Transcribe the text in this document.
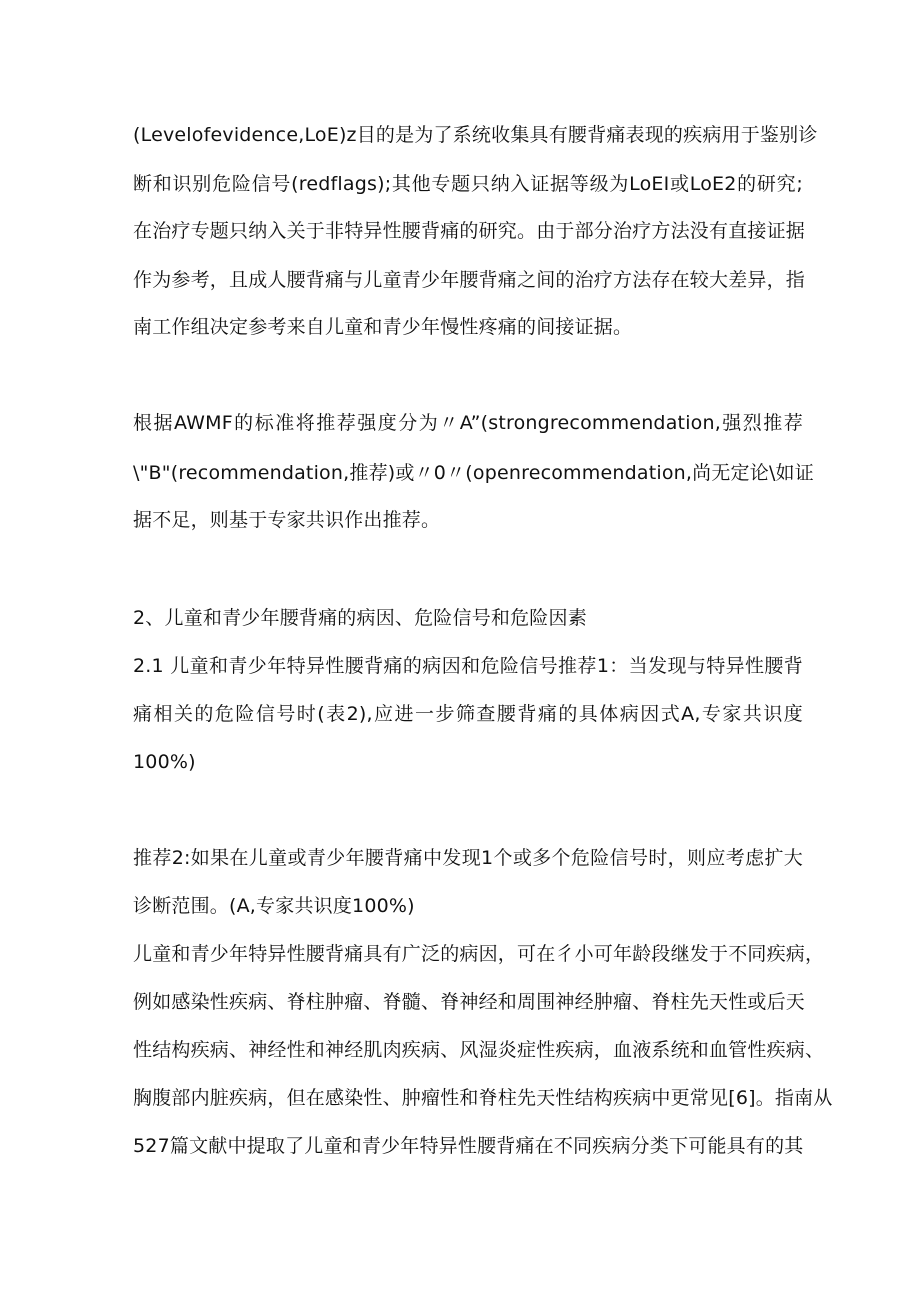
(Levelofevidence,LoE)z目的是为了系统收集具有腰背痛表现的疾病用于鉴别诊
断和识别危险信号(redflags);其他专题只纳入证据等级为LoEI或LoE2的研究;
在治疗专题只纳入关于非特异性腰背痛的研究。由于部分治疗方法没有直接证据
作为参考，且成人腰背痛与儿童青少年腰背痛之间的治疗方法存在较大差异，指
南工作组决定参考来自儿童和青少年慢性疼痛的间接证据。
根据AWMF的标准将推荐强度分为〃A”(strongrecommendation,强烈推荐
\"B"(recommendation,推荐)或〃0〃(openrecommendation,尚无定论\如证
据不足，则基于专家共识作出推荐。
2、儿童和青少年腰背痛的病因、危险信号和危险因素
2.1 儿童和青少年特异性腰背痛的病因和危险信号推荐1：当发现与特异性腰背
痛相关的危险信号时(表2),应进一步筛查腰背痛的具体病因式A,专家共识度
100%)
推荐2:如果在儿童或青少年腰背痛中发现1个或多个危险信号时，则应考虑扩大
诊断范围。(A,专家共识度100%)
儿童和青少年特异性腰背痛具有广泛的病因，可在彳小可年龄段继发于不同疾病，
例如感染性疾病、脊柱肿瘤、脊髓、脊神经和周围神经肿瘤、脊柱先天性或后天
性结构疾病、神经性和神经肌肉疾病、风湿炎症性疾病，血液系统和血管性疾病、
胸腹部内脏疾病，但在感染性、肿瘤性和脊柱先天性结构疾病中更常见[6]。指南从
527篇文献中提取了儿童和青少年特异性腰背痛在不同疾病分类下可能具有的其
